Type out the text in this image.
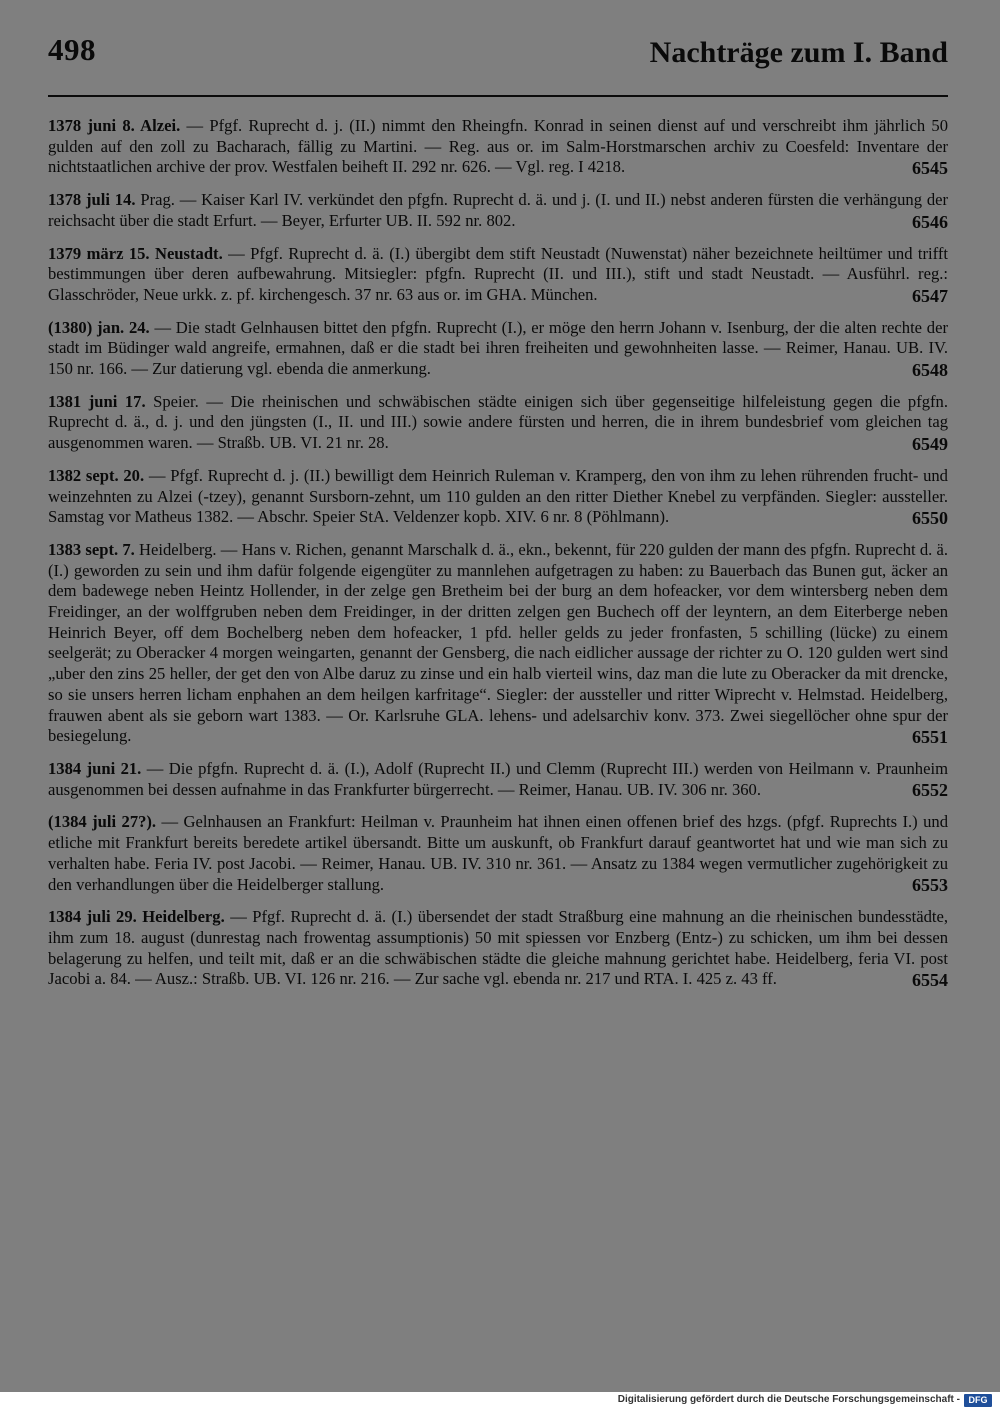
498	Nachträge zum I. Band
1378 juni 8. Alzei. — Pfgf. Ruprecht d. j. (II.) nimmt den Rheingfn. Konrad in seinen dienst auf und verschreibt ihm jährlich 50 gulden auf den zoll zu Bacharach, fällig zu Martini. — Reg. aus or. im Salm-Horstmarschen archiv zu Coesfeld: Inventare der nichtstaatlichen archive der prov. Westfalen beiheft II. 292 nr. 626. — Vgl. reg. I 4218.	6545
1378 juli 14. Prag. — Kaiser Karl IV. verkündet den pfgfn. Ruprecht d. ä. und j. (I. und II.) nebst anderen fürsten die verhängung der reichsacht über die stadt Erfurt. — Beyer, Erfurter UB. II. 592 nr. 802.	6546
1379 märz 15. Neustadt. — Pfgf. Ruprecht d. ä. (I.) übergibt dem stift Neustadt (Nuwenstat) näher bezeichnete heiltümer und trifft bestimmungen über deren aufbewahrung. Mitsiegler: pfgfn. Ruprecht (II. und III.), stift und stadt Neustadt. — Ausführl. reg.: Glasschröder, Neue urkk. z. pf. kirchengesch. 37 nr. 63 aus or. im GHA. München.	6547
(1380) jan. 24. — Die stadt Gelnhausen bittet den pfgfn. Ruprecht (I.), er möge den herrn Johann v. Isenburg, der die alten rechte der stadt im Büdinger wald angreife, ermahnen, daß er die stadt bei ihren freiheiten und gewohnheiten lasse. — Reimer, Hanau. UB. IV. 150 nr. 166. — Zur datierung vgl. ebenda die anmerkung.	6548
1381 juni 17. Speier. — Die rheinischen und schwäbischen städte einigen sich über gegenseitige hilfeleistung gegen die pfgfn. Ruprecht d. ä., d. j. und den jüngsten (I., II. und III.) sowie andere fürsten und herren, die in ihrem bundesbrief vom gleichen tag ausgenommen waren. — Straßb. UB. VI. 21 nr. 28.	6549
1382 sept. 20. — Pfgf. Ruprecht d. j. (II.) bewilligt dem Heinrich Ruleman v. Kramperg, den von ihm zu lehen rührenden frucht- und weinzehnten zu Alzei (-tzey), genannt Sursborn-zehnt, um 110 gulden an den ritter Diether Knebel zu verpfänden. Siegler: aussteller. Samstag vor Matheus 1382. — Abschr. Speier StA. Veldenzer kopb. XIV. 6 nr. 8 (Pöhlmann).	6550
1383 sept. 7. Heidelberg. — Hans v. Richen, genannt Marschalk d. ä., ekn., bekennt, für 220 gulden der mann des pfgfn. Ruprecht d. ä. (I.) geworden zu sein und ihm dafür folgende eigengüter zu mannlehen aufgetragen zu haben: zu Bauerbach das Bunen gut, äcker an dem badewege neben Heintz Hollender, in der zelge gen Bretheim bei der burg an dem hofeacker, vor dem wintersberg neben dem Freidinger, an der wolffgruben neben dem Freidinger, in der dritten zelgen gen Buchech off der leyntern, an dem Eiterberge neben Heinrich Beyer, off dem Bochelberg neben dem hofeacker, 1 pfd. heller gelds zu jeder fronfasten, 5 schilling (lücke) zu einem seelgerät; zu Oberacker 4 morgen weingarten, genannt der Gensberg, die nach eidlicher aussage der richter zu O. 120 gulden wert sind „uber den zins 25 heller, der get den von Albe daruz zu zinse und ein halb vierteil wins, daz man die lute zu Oberacker da mit drencke, so sie unsers herren licham enphahen an dem heilgen karfritage“. Siegler: der aussteller und ritter Wiprecht v. Helmstad. Heidelberg, frauwen abent als sie geborn wart 1383. — Or. Karlsruhe GLA. lehens- und adelsarchiv konv. 373. Zwei siegellöcher ohne spur der besiegelung.	6551
1384 juni 21. — Die pfgfn. Ruprecht d. ä. (I.), Adolf (Ruprecht II.) und Clemm (Ruprecht III.) werden von Heilmann v. Praunheim ausgenommen bei dessen aufnahme in das Frankfurter bürgerrecht. — Reimer, Hanau. UB. IV. 306 nr. 360.	6552
(1384 juli 27?). — Gelnhausen an Frankfurt: Heilman v. Praunheim hat ihnen einen offenen brief des hzgs. (pfgf. Ruprechts I.) und etliche mit Frankfurt bereits beredete artikel übersandt. Bitte um auskunft, ob Frankfurt darauf geantwortet hat und wie man sich zu verhalten habe. Feria IV. post Jacobi. — Reimer, Hanau. UB. IV. 310 nr. 361. — Ansatz zu 1384 wegen vermutlicher zugehörigkeit zu den verhandlungen über die Heidelberger stallung.	6553
1384 juli 29. Heidelberg. — Pfgf. Ruprecht d. ä. (I.) übersendet der stadt Straßburg eine mahnung an die rheinischen bundesstädte, ihm zum 18. august (dunrestag nach frowentag assumptionis) 50 mit spiessen vor Enzberg (Entz-) zu schicken, um ihm bei dessen belagerung zu helfen, und teilt mit, daß er an die schwäbischen städte die gleiche mahnung gerichtet habe. Heidelberg, feria VI. post Jacobi a. 84. — Ausz.: Straßb. UB. VI. 126 nr. 216. — Zur sache vgl. ebenda nr. 217 und RTA. I. 425 z. 43 ff.	6554
Digitalisierung gefördert durch die Deutsche Forschungsgemeinschaft - DFG
